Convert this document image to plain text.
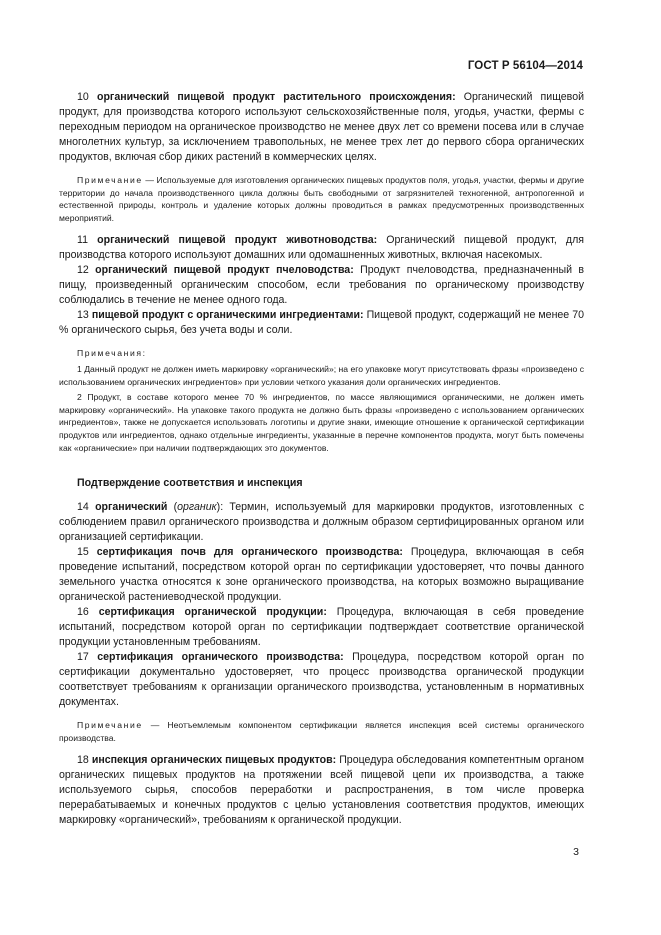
ГОСТ Р 56104—2014

10 органический пищевой продукт растительного происхождения: Органический пищевой продукт, для производства которого используют сельскохозяйственные поля, угодья, участки, фермы с переходным периодом на органическое производство не менее двух лет со времени посева или в случае многолетних культур, за исключением травопольных, не менее трех лет до первого сбора органических продуктов, включая сбор диких растений в коммерческих целях.

Примечание — Используемые для изготовления органических пищевых продуктов поля, угодья, участки, фермы и другие территории до начала производственного цикла должны быть свободными от загрязнителей техногенной, антропогенной и естественной природы, контроль и удаление которых должны проводиться в рамках предусмотренных производственных мероприятий.

11 органический пищевой продукт животноводства: Органический пищевой продукт, для производства которого используют домашних или одомашненных животных, включая насекомых.

12 органический пищевой продукт пчеловодства: Продукт пчеловодства, предназначенный в пищу, произведенный органическим способом, если требования по органическому производству соблюдались в течение не менее одного года.

13 пищевой продукт с органическими ингредиентами: Пищевой продукт, содержащий не менее 70 % органического сырья, без учета воды и соли.

Примечания:

1 Данный продукт не должен иметь маркировку «органический»; на его упаковке могут присутствовать фразы «произведено с использованием органических ингредиентов» при условии четкого указания доли органических ингредиентов.

2 Продукт, в составе которого менее 70 % ингредиентов, по массе являющимися органическими, не должен иметь маркировку «органический». На упаковке такого продукта не должно быть фразы «произведено с использованием органических ингредиентов», также не допускается использовать логотипы и другие знаки, имеющие отношение к органической сертификации продуктов или ингредиентов, однако отдельные ингредиенты, указанные в перечне компонентов продукта, могут быть помечены как «органические» при наличии подтверждающих это документов.

Подтверждение соответствия и инспекция

14 органический (органик): Термин, используемый для маркировки продуктов, изготовленных с соблюдением правил органического производства и должным образом сертифицированных органом или организацией сертификации.

15 сертификация почв для органического производства: Процедура, включающая в себя проведение испытаний, посредством которой орган по сертификации удостоверяет, что почвы данного земельного участка относятся к зоне органического производства, на которых возможно выращивание органической растениеводческой продукции.

16 сертификация органической продукции: Процедура, включающая в себя проведение испытаний, посредством которой орган по сертификации подтверждает соответствие органической продукции установленным требованиям.

17 сертификация органического производства: Процедура, посредством которой орган по сертификации документально удостоверяет, что процесс производства органической продукции соответствует требованиям к организации органического производства, установленным в нормативных документах.

Примечание — Неотъемлемым компонентом сертификации является инспекция всей системы органического производства.

18 инспекция органических пищевых продуктов: Процедура обследования компетентным органом органических пищевых продуктов на протяжении всей пищевой цепи их производства, а также используемого сырья, способов переработки и распространения, в том числе проверка перерабатываемых и конечных продуктов с целью установления соответствия продуктов, имеющих маркировку «органический», требованиям к органической продукции.

3
